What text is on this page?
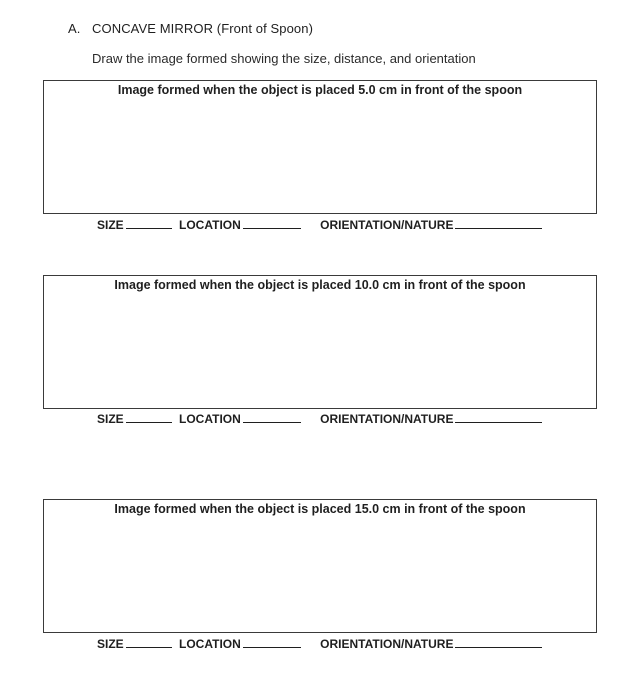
A. CONCAVE MIRROR (Front of Spoon)
Draw the image formed showing the size, distance, and orientation
Image formed when the object is placed 5.0 cm in front of the spoon
SIZE	LOCATION	ORIENTATION/NATURE
Image formed when the object is placed 10.0 cm in front of the spoon
SIZE	LOCATION	ORIENTATION/NATURE
Image formed when the object is placed 15.0 cm in front of the spoon
SIZE	LOCATION	ORIENTATION/NATURE
